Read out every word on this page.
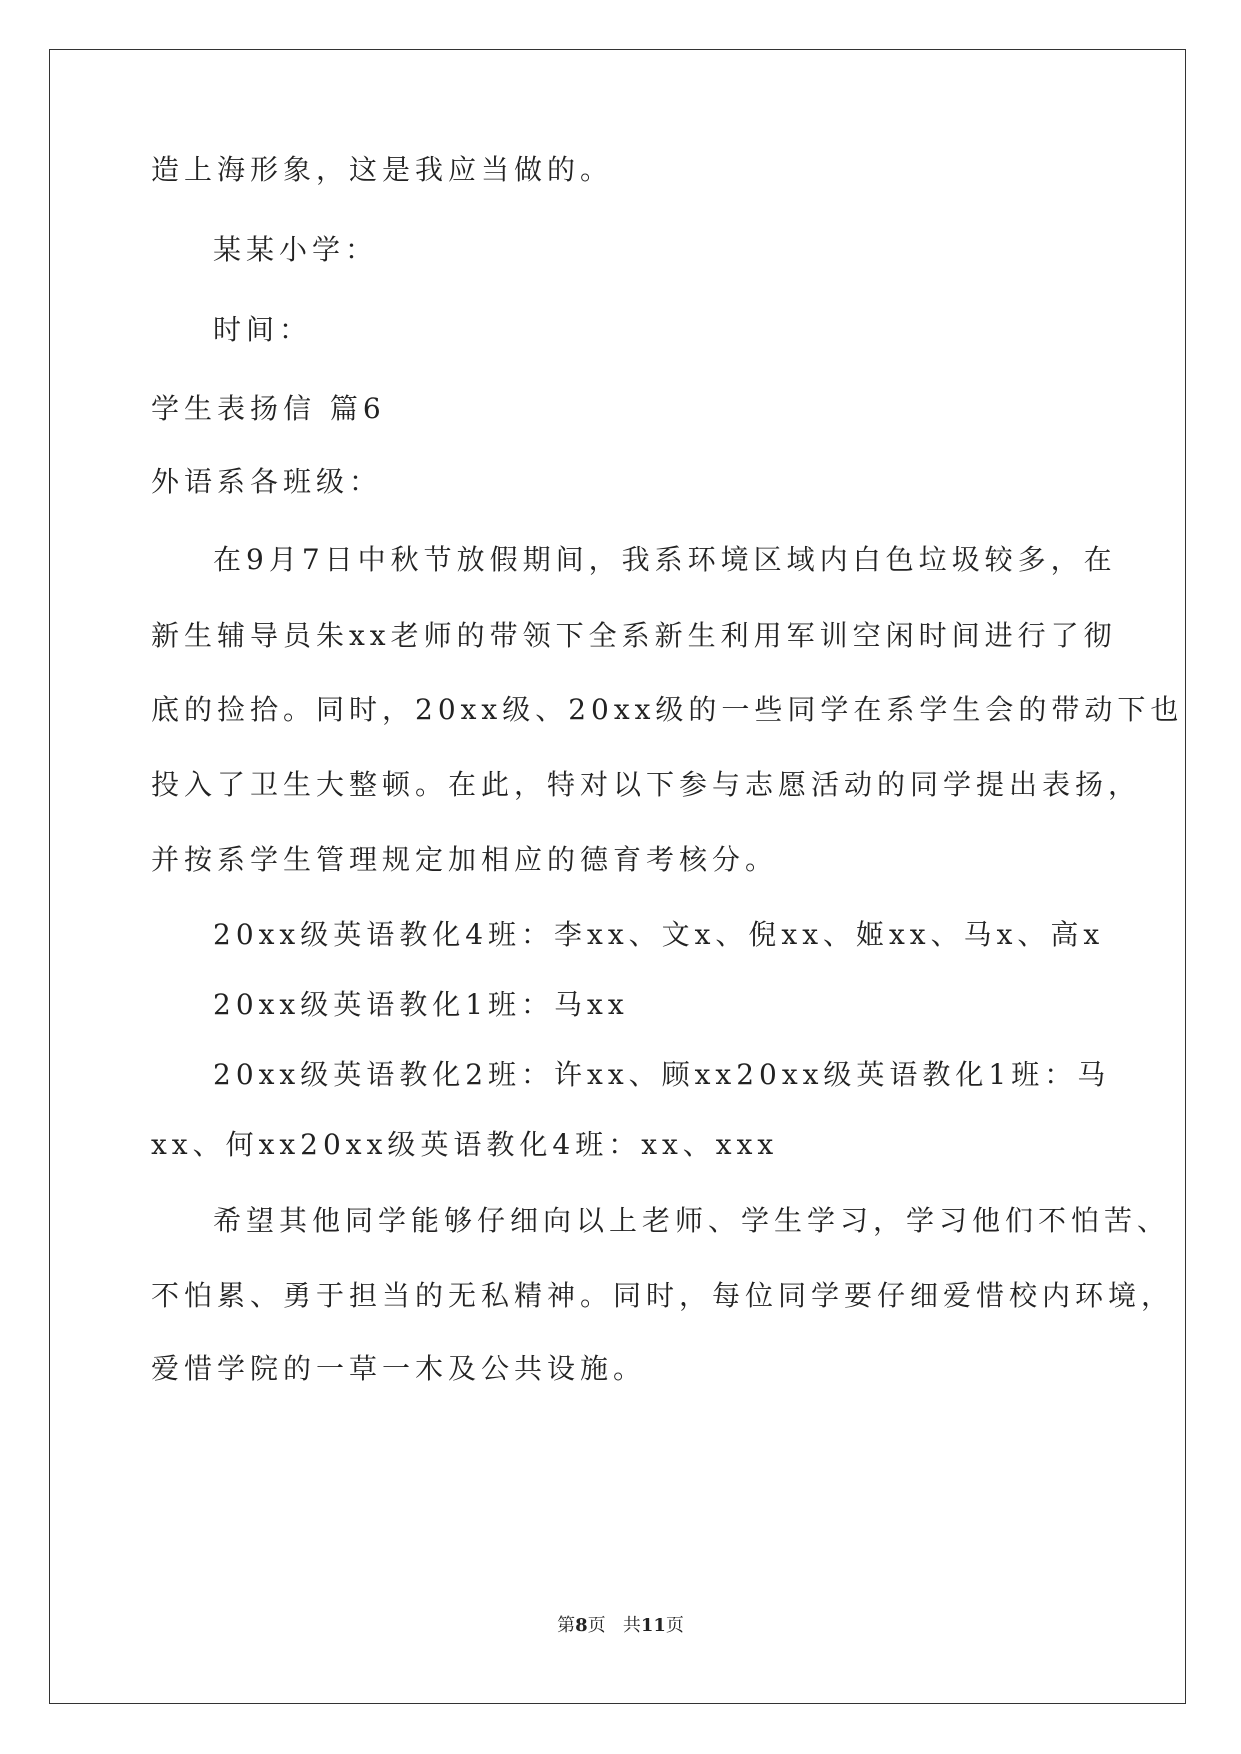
造上海形象，这是我应当做的。
某某小学：
时间：
学生表扬信 篇6
外语系各班级：
在9月7日中秋节放假期间，我系环境区域内白色垃圾较多，在
新生辅导员朱xx老师的带领下全系新生利用军训空闲时间进行了彻
底的捡拾。同时，20xx级、20xx级的一些同学在系学生会的带动下也
投入了卫生大整顿。在此，特对以下参与志愿活动的同学提出表扬，
并按系学生管理规定加相应的德育考核分。
20xx级英语教化4班：李xx、文x、倪xx、姬xx、马x、高x
20xx级英语教化1班：马xx
20xx级英语教化2班：许xx、顾xx20xx级英语教化1班：马
xx、何xx20xx级英语教化4班：xx、xxx
希望其他同学能够仔细向以上老师、学生学习，学习他们不怕苦、
不怕累、勇于担当的无私精神。同时，每位同学要仔细爱惜校内环境，
爱惜学院的一草一木及公共设施。
第8页 共11页
